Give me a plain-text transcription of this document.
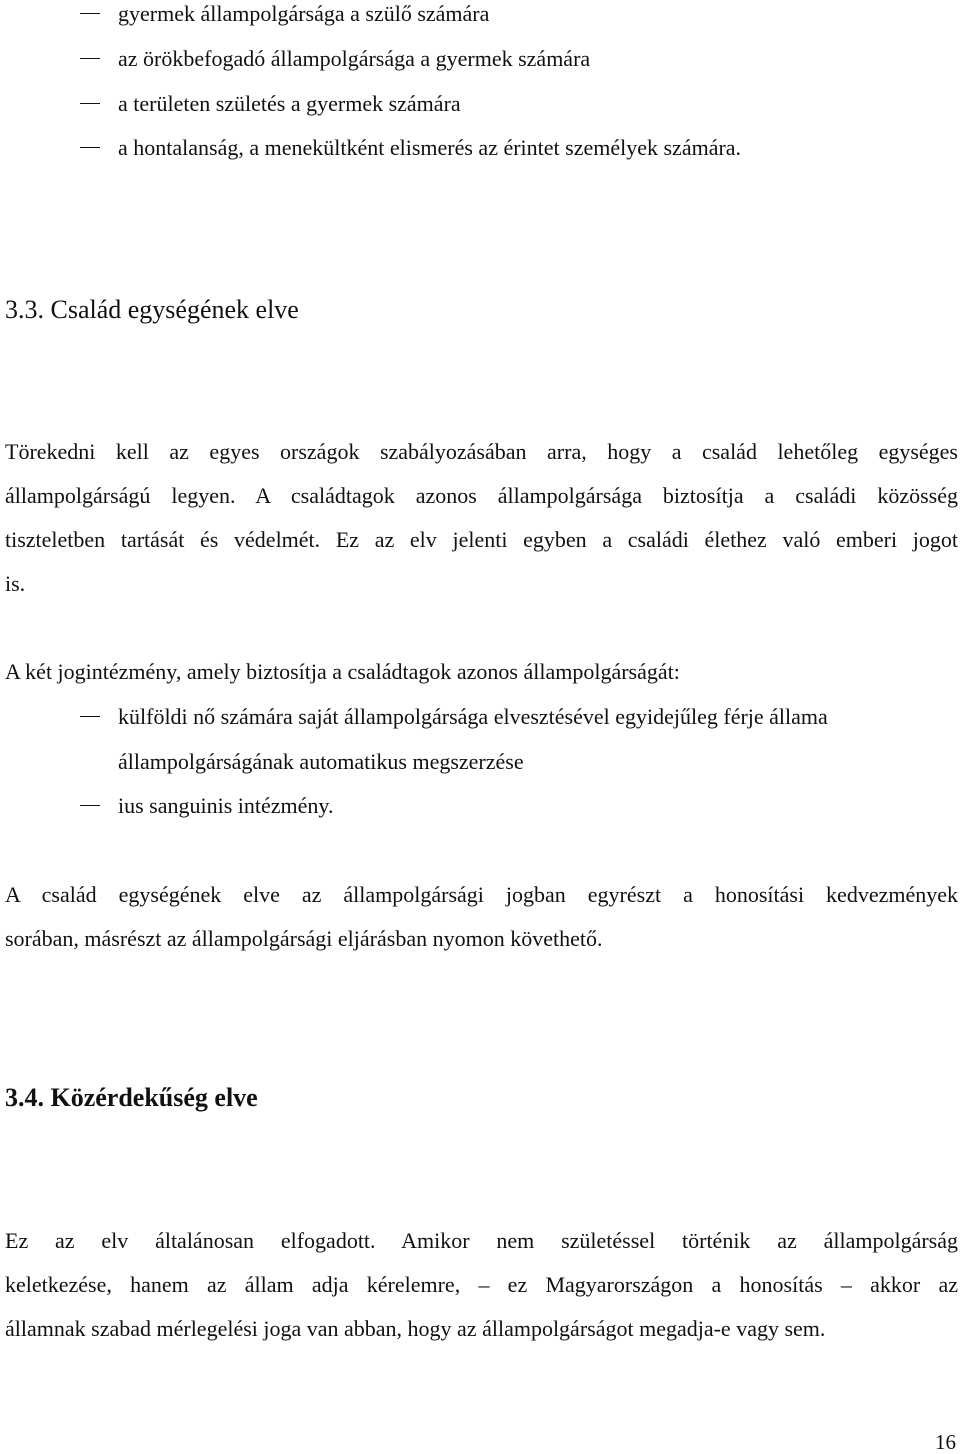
gyermek állampolgársága a szülő számára
az örökbefogadó állampolgársága a gyermek számára
a területen születés a gyermek számára
a hontalanság, a menekültként elismerés az érintet személyek számára.
3.3. Család egységének elve
Törekedni kell az egyes országok szabályozásában arra, hogy a család lehetőleg egységes
állampolgárságú legyen. A családtagok azonos állampolgársága biztosítja a családi közösség
tiszteletben tartását és védelmét. Ez az elv jelenti egyben a családi élethez való emberi jogot
is.
A két jogintézmény, amely biztosítja a családtagok azonos állampolgárságát:
külföldi nő számára saját állampolgársága elvesztésével egyidejűleg férje állama
állampolgárságának automatikus megszerzése
ius sanguinis intézmény.
A család egységének elve az állampolgársági jogban egyrészt a honosítási kedvezmények
sorában, másrészt az állampolgársági eljárásban nyomon követhető.
3.4. Közérdekűség elve
Ez az elv általánosan elfogadott. Amikor nem születéssel történik az állampolgárság
keletkezése, hanem az állam adja kérelemre, – ez Magyarországon a honosítás – akkor az
államnak szabad mérlegelési joga van abban, hogy az állampolgárságot megadja-e vagy sem.
16
